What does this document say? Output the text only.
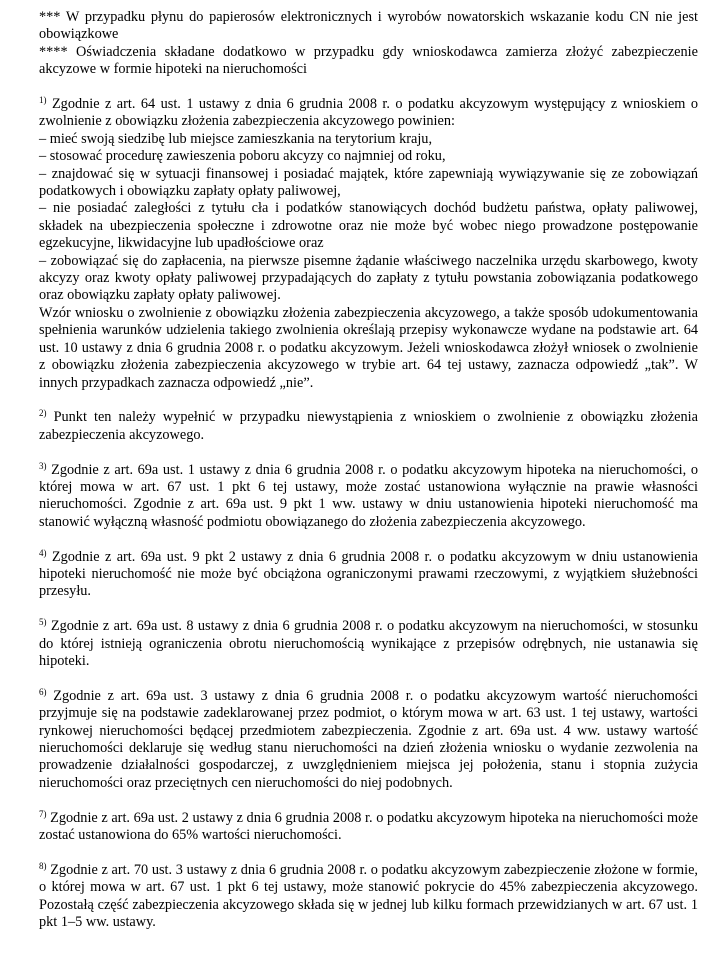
*** W przypadku płynu do papierosów elektronicznych i wyrobów nowatorskich wskazanie kodu CN nie jest obowiązkowe

**** Oświadczenia składane dodatkowo w przypadku gdy wnioskodawca zamierza złożyć zabezpieczenie akcyzowe w formie hipoteki na nieruchomości

$^{1)}$ Zgodnie z art. 64 ust. 1 ustawy z dnia 6 grudnia 2008 r. o podatku akcyzowym występujący z wnioskiem o zwolnienie z obowiązku złożenia zabezpieczenia akcyzowego powinien:

– mieć swoją siedzibę lub miejsce zamieszkania na terytorium kraju,

– stosować procedurę zawieszenia poboru akcyzy co najmniej od roku,

– znajdować się w sytuacji finansowej i posiadać majątek, które zapewniają wywiązywanie się ze zobowiązań podatkowych i obowiązku zapłaty opłaty paliwowej,

– nie posiadać zaległości z tytułu cła i podatków stanowiących dochód budżetu państwa, opłaty paliwowej, składek na ubezpieczenia społeczne i zdrowotne oraz nie może być wobec niego prowadzone postępowanie egzekucyjne, likwidacyjne lub upadłościowe oraz

– zobowiązać się do zapłacenia, na pierwsze pisemne żądanie właściwego naczelnika urzędu skarbowego, kwoty akcyzy oraz kwoty opłaty paliwowej przypadających do zapłaty z tytułu powstania zobowiązania podatkowego oraz obowiązku zapłaty opłaty paliwowej.

Wzór wniosku o zwolnienie z obowiązku złożenia zabezpieczenia akcyzowego, a także sposób udokumentowania spełnienia warunków udzielenia takiego zwolnienia określają przepisy wykonawcze wydane na podstawie art. 64 ust. 10 ustawy z dnia 6 grudnia 2008 r. o podatku akcyzowym. Jeżeli wnioskodawca złożył wniosek o zwolnienie z obowiązku złożenia zabezpieczenia akcyzowego w trybie art. 64 tej ustawy, zaznacza odpowiedź „tak”. W innych przypadkach zaznacza odpowiedź „nie”.

$^{2)}$ Punkt ten należy wypełnić w przypadku niewystąpienia z wnioskiem o zwolnienie z obowiązku złożenia zabezpieczenia akcyzowego.

$^{3)}$ Zgodnie z art. 69a ust. 1 ustawy z dnia 6 grudnia 2008 r. o podatku akcyzowym hipoteka na nieruchomości, o której mowa w art. 67 ust. 1 pkt 6 tej ustawy, może zostać ustanowiona wyłącznie na prawie własności nieruchomości. Zgodnie z art. 69a ust. 9 pkt 1 ww. ustawy w dniu ustanowienia hipoteki nieruchomość ma stanowić wyłączną własność podmiotu obowiązanego do złożenia zabezpieczenia akcyzowego.

$^{4)}$ Zgodnie z art. 69a ust. 9 pkt 2 ustawy z dnia 6 grudnia 2008 r. o podatku akcyzowym w dniu ustanowienia hipoteki nieruchomość nie może być obciążona ograniczonymi prawami rzeczowymi, z wyjątkiem służebności przesyłu.

$^{5)}$ Zgodnie z art. 69a ust. 8 ustawy z dnia 6 grudnia 2008 r. o podatku akcyzowym na nieruchomości, w stosunku do której istnieją ograniczenia obrotu nieruchomością wynikające z przepisów odrębnych, nie ustanawia się hipoteki.

$^{6)}$ Zgodnie z art. 69a ust. 3 ustawy z dnia 6 grudnia 2008 r. o podatku akcyzowym wartość nieruchomości przyjmuje się na podstawie zadeklarowanej przez podmiot, o którym mowa w art. 63 ust. 1 tej ustawy, wartości rynkowej nieruchomości będącej przedmiotem zabezpieczenia. Zgodnie z art. 69a ust. 4 ww. ustawy wartość nieruchomości deklaruje się według stanu nieruchomości na dzień złożenia wniosku o wydanie zezwolenia na prowadzenie działalności gospodarczej, z uwzględnieniem miejsca jej położenia, stanu i stopnia zużycia nieruchomości oraz przeciętnych cen nieruchomości do niej podobnych.

$^{7)}$ Zgodnie z art. 69a ust. 2 ustawy z dnia 6 grudnia 2008 r. o podatku akcyzowym hipoteka na nieruchomości może zostać ustanowiona do 65% wartości nieruchomości.

$^{8)}$ Zgodnie z art. 70 ust. 3 ustawy z dnia 6 grudnia 2008 r. o podatku akcyzowym zabezpieczenie złożone w formie, o której mowa w art. 67 ust. 1 pkt 6 tej ustawy, może stanowić pokrycie do 45% zabezpieczenia akcyzowego. Pozostałą część zabezpieczenia akcyzowego składa się w jednej lub kilku formach przewidzianych w art. 67 ust. 1 pkt 1–5 ww. ustawy.
